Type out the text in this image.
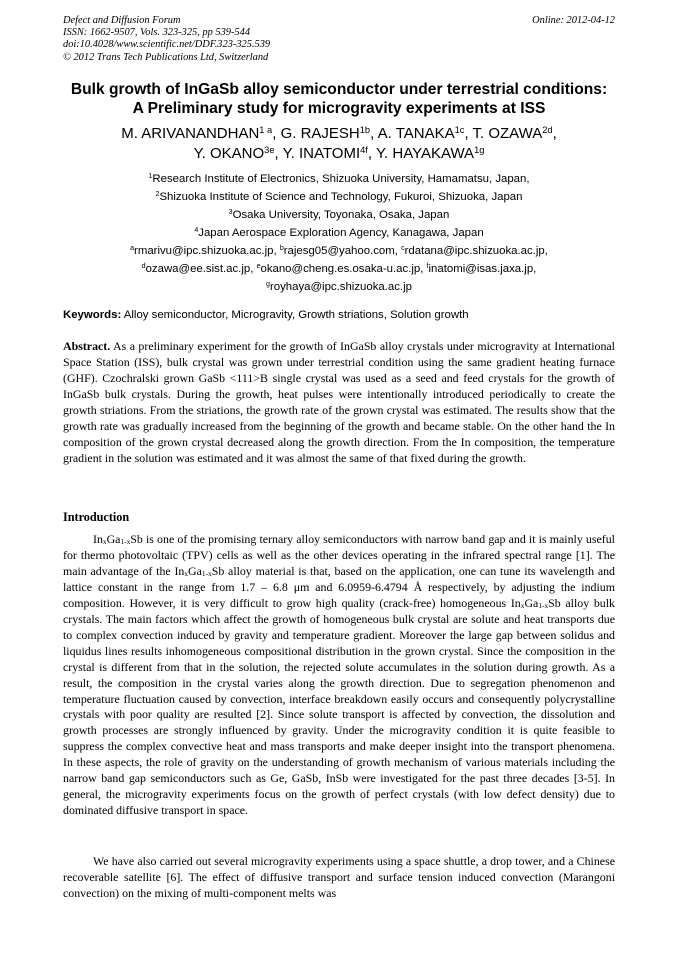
Defect and Diffusion Forum
ISSN: 1662-9507, Vols. 323-325, pp 539-544
doi:10.4028/www.scientific.net/DDF.323-325.539
© 2012 Trans Tech Publications Ltd, Switzerland
Online: 2012-04-12
Bulk growth of InGaSb alloy semiconductor under terrestrial conditions:
A Preliminary study for microgravity experiments at ISS
M. $ARIVANANDHAN^{1 a}$, G. $RAJESH^{1b}$, A. $TANAKA^{1c}$, T. $OZAWA^{2d}$,
Y. $OKANO^{3e}$, Y. $INATOMI^{4f}$, Y. $HAYAKAWA^{1g}$
$^1$Research Institute of Electronics, Shizuoka University, Hamamatsu, Japan,
$^2$Shizuoka Institute of Science and Technology, Fukuroi, Shizuoka, Japan
$^3$Osaka University, Toyonaka, Osaka, Japan
$^4$Japan Aerospace Exploration Agency, Kanagawa, Japan
$^a$rmarivu@ipc.shizuoka.ac.jp, $^b$rajesg05@yahoo.com, $^c$rdatana@ipc.shizuoka.ac.jp,
$^d$ozawa@ee.sist.ac.jp, $^e$okano@cheng.es.osaka-u.ac.jp, $^f$inatomi@isas.jaxa.jp,
$^g$royhaya@ipc.shizuoka.ac.jp
Keywords: Alloy semiconductor, Microgravity, Growth striations, Solution growth
Abstract. As a preliminary experiment for the growth of InGaSb alloy crystals under microgravity at International Space Station (ISS), bulk crystal was grown under terrestrial condition using the same gradient heating furnace (GHF). Czochralski grown GaSb <111>B single crystal was used as a seed and feed crystals for the growth of InGaSb bulk crystals. During the growth, heat pulses were intentionally introduced periodically to create the growth striations. From the striations, the growth rate of the grown crystal was estimated. The results show that the growth rate was gradually increased from the beginning of the growth and became stable. On the other hand the In composition of the grown crystal decreased along the growth direction. From the In composition, the temperature gradient in the solution was estimated and it was almost the same of that fixed during the growth.
Introduction
$In_xGa_{1-x}Sb$ is one of the promising ternary alloy semiconductors with narrow band gap and it is mainly useful for thermo photovoltaic (TPV) cells as well as the other devices operating in the infrared spectral range [1]. The main advantage of the $In_xGa_{1-x}Sb$ alloy material is that, based on the application, one can tune its wavelength and lattice constant in the range from 1.7 – 6.8 μm and 6.0959-6.4794 Å respectively, by adjusting the indium composition. However, it is very difficult to grow high quality (crack-free) homogeneous $In_xGa_{1-x}Sb$ alloy bulk crystals. The main factors which affect the growth of homogeneous bulk crystal are solute and heat transports due to complex convection induced by gravity and temperature gradient. Moreover the large gap between solidus and liquidus lines results inhomogeneous compositional distribution in the grown crystal. Since the composition in the crystal is different from that in the solution, the rejected solute accumulates in the solution during growth. As a result, the composition in the crystal varies along the growth direction. Due to segregation phenomenon and temperature fluctuation caused by convection, interface breakdown easily occurs and consequently polycrystalline crystals with poor quality are resulted [2]. Since solute transport is affected by convection, the dissolution and growth processes are strongly influenced by gravity. Under the microgravity condition it is quite feasible to suppress the complex convective heat and mass transports and make deeper insight into the transport phenomena. In these aspects, the role of gravity on the understanding of growth mechanism of various materials including the narrow band gap semiconductors such as Ge, GaSb, InSb were investigated for the past three decades [3-5]. In general, the microgravity experiments focus on the growth of perfect crystals (with low defect density) due to dominated diffusive transport in space.
We have also carried out several microgravity experiments using a space shuttle, a drop tower, and a Chinese recoverable satellite [6]. The effect of diffusive transport and surface tension induced convection (Marangoni convection) on the mixing of multi-component melts was
